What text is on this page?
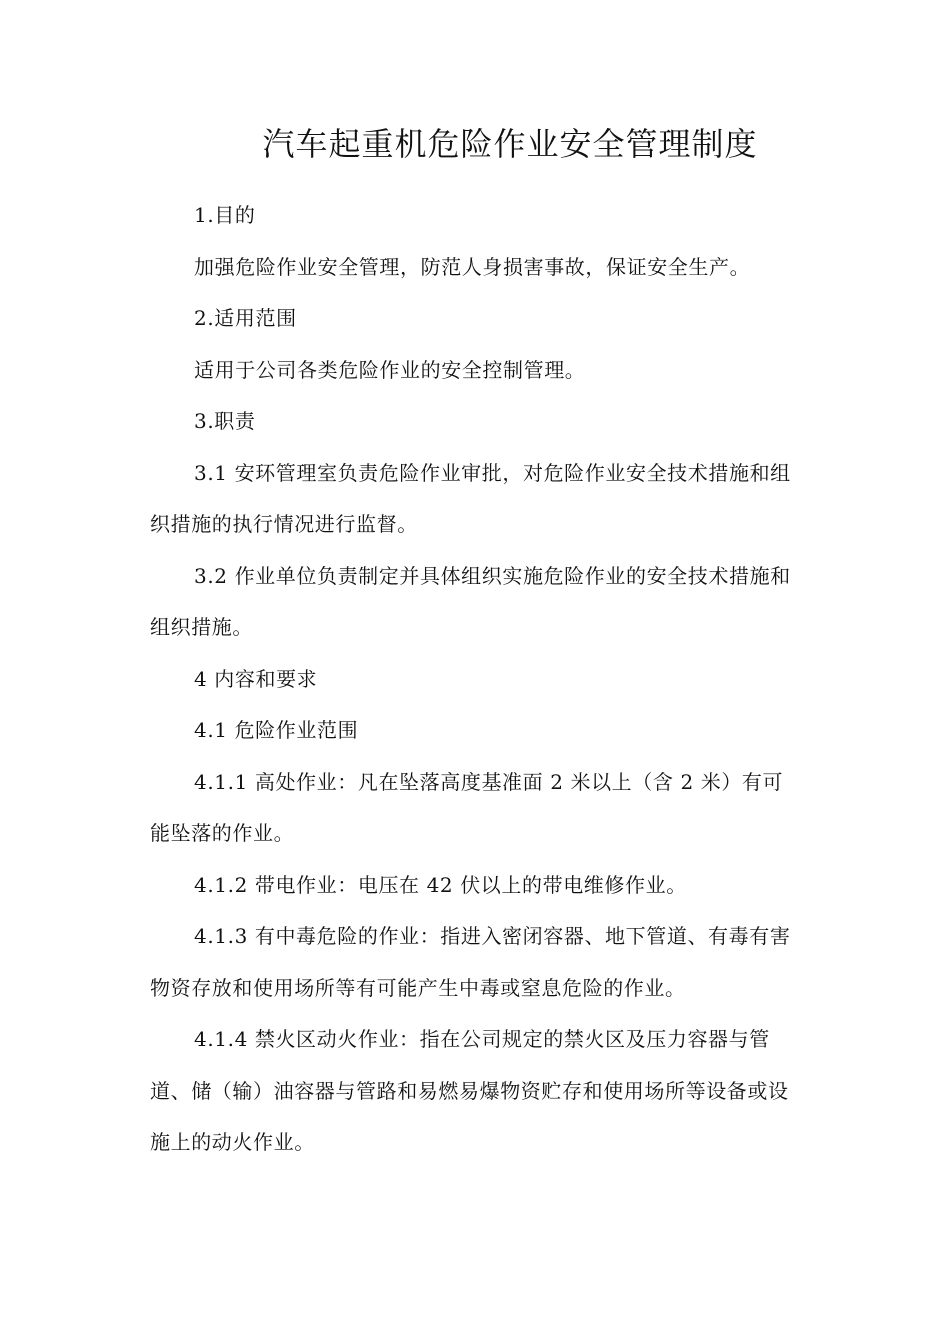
汽车起重机危险作业安全管理制度

1.目的

加强危险作业安全管理，防范人身损害事故，保证安全生产。

2.适用范围

适用于公司各类危险作业的安全控制管理。

3.职责

3.1 安环管理室负责危险作业审批，对危险作业安全技术措施和组织措施的执行情况进行监督。

3.2 作业单位负责制定并具体组织实施危险作业的安全技术措施和组织措施。

4 内容和要求

4.1 危险作业范围

4.1.1 高处作业：凡在坠落高度基准面 2 米以上（含 2 米）有可能坠落的作业。

4.1.2 带电作业：电压在 42 伏以上的带电维修作业。

4.1.3 有中毒危险的作业：指进入密闭容器、地下管道、有毒有害物资存放和使用场所等有可能产生中毒或窒息危险的作业。

4.1.4 禁火区动火作业：指在公司规定的禁火区及压力容器与管道、储（输）油容器与管路和易燃易爆物资贮存和使用场所等设备或设施上的动火作业。
